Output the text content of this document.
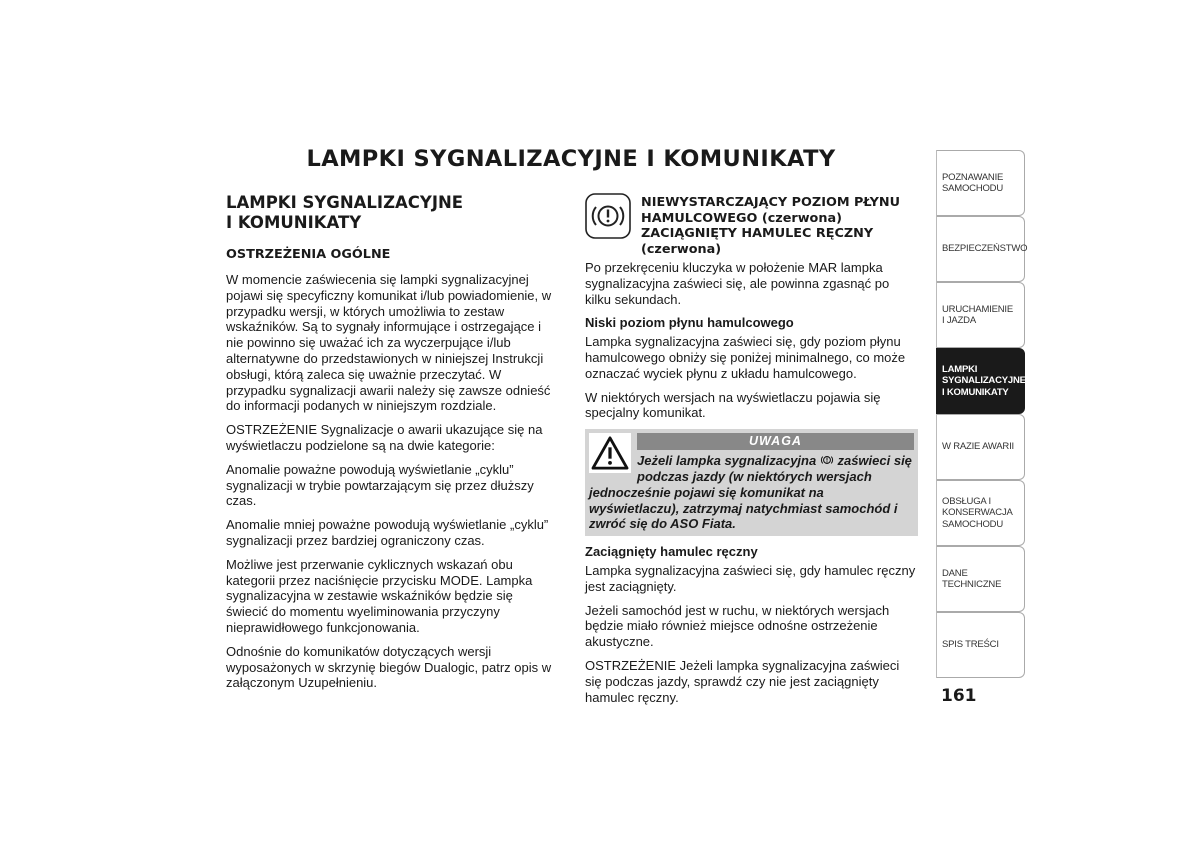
LAMPKI SYGNALIZACYJNE I KOMUNIKATY
LAMPKI SYGNALIZACYJNE
I KOMUNIKATY
OSTRZEŻENIA OGÓLNE

W momencie zaświecenia się lampki sygnalizacyjnej pojawi się specyficzny komunikat i/lub powiadomienie, w przypadku wersji, w których umożliwia to zestaw wskaźników. Są to sygnały informujące i ostrzegające i nie powinno się uważać ich za wyczerpujące i/lub alternatywne do przedstawionych w niniejszej Instrukcji obsługi, którą zaleca się uważnie przeczytać. W przypadku sygnalizacji awarii należy się zawsze odnieść do informacji podanych w niniejszym rozdziale.

OSTRZEŻENIE Sygnalizacje o awarii ukazujące się na wyświetlaczu podzielone są na dwie kategorie:

Anomalie poważne powodują wyświetlanie „cyklu” sygnalizacji w trybie powtarzającym się przez dłuższy czas.

Anomalie mniej poważne powodują wyświetlanie „cyklu” sygnalizacji przez bardziej ograniczony czas.

Możliwe jest przerwanie cyklicznych wskazań obu kategorii przez naciśnięcie przycisku MODE. Lampka sygnalizacyjna w zestawie wskaźników będzie się świecić do momentu wyeliminowania przyczyny nieprawidłowego funkcjonowania.

Odnośnie do komunikatów dotyczących wersji wyposażonych w skrzynię biegów Dualogic, patrz opis w załączonym Uzupełnieniu.

NIEWYSTARCZAJĄCY POZIOM PŁYNU HAMULCOWEGO (czerwona) ZACIĄGNIĘTY HAMULEC RĘCZNY (czerwona)

Po przekręceniu kluczyka w położenie MAR lampka sygnalizacyjna zaświeci się, ale powinna zgasnąć po kilku sekundach.

Niski poziom płynu hamulcowego

Lampka sygnalizacyjna zaświeci się, gdy poziom płynu hamulcowego obniży się poniżej minimalnego, co może oznaczać wyciek płynu z układu hamulcowego.

W niektórych wersjach na wyświetlaczu pojawia się specjalny komunikat.

UWAGA
Jeżeli lampka sygnalizacyjna zaświeci się podczas jazdy (w niektórych wersjach
jednocześnie pojawi się komunikat na wyświetlaczu), zatrzymaj natychmiast samochód i zwróć się do ASO Fiata.
Zaciągnięty hamulec ręczny

Lampka sygnalizacyjna zaświeci się, gdy hamulec ręczny jest zaciągnięty.

Jeżeli samochód jest w ruchu, w niektórych wersjach będzie miało również miejsce odnośne ostrzeżenie akustyczne.

OSTRZEŻENIE Jeżeli lampka sygnalizacyjna zaświeci się podczas jazdy, sprawdź czy nie jest zaciągnięty hamulec ręczny.

POZNAWANIE
SAMOCHODU
BEZPIECZEŃSTWO
URUCHAMIENIE
I JAZDA
LAMPKI
SYGNALIZACYJNE
I KOMUNIKATY
W RAZIE AWARII
OBSŁUGA I
KONSERWACJA
SAMOCHODU
DANE TECHNICZNE
SPIS TREŚCI
161
